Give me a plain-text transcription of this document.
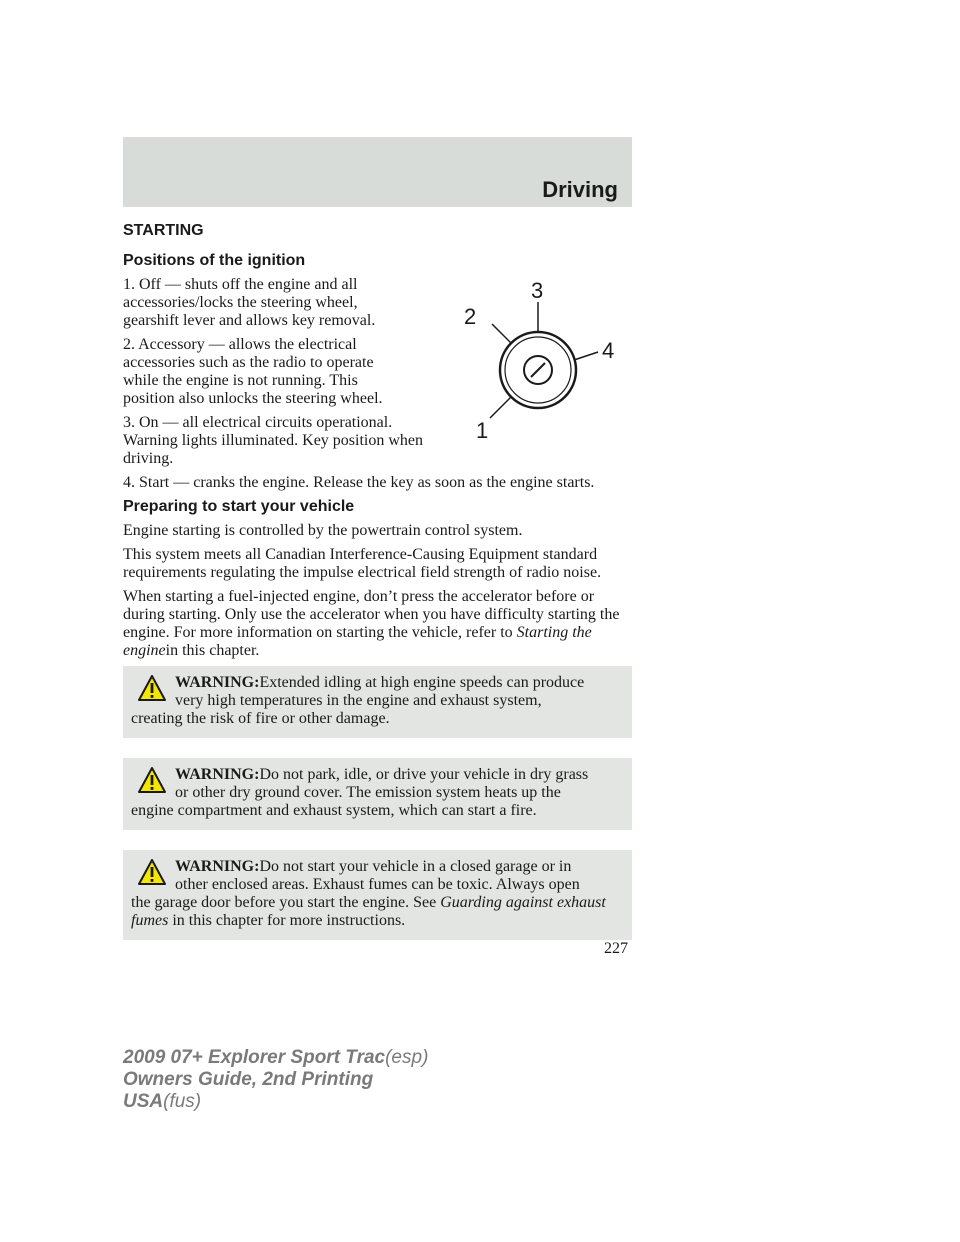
Driving
STARTING
Positions of the ignition
1
2
3
4

1. Off — shuts off the engine and all accessories/locks the steering wheel, gearshift lever and allows key removal.

2. Accessory — allows the electrical accessories such as the radio to operate while the engine is not running. This position also unlocks the steering wheel.

3. On — all electrical circuits operational. Warning lights illuminated. Key position when driving.

4. Start — cranks the engine. Release the key as soon as the engine starts.

Preparing to start your vehicle

Engine starting is controlled by the powertrain control system.

This system meets all Canadian Interference-Causing Equipment standard requirements regulating the impulse electrical field strength of radio noise.

When starting a fuel-injected engine, don’t press the accelerator before or during starting. Only use the accelerator when you have difficulty starting the engine. For more information on starting the vehicle, refer to Starting the enginein this chapter.

WARNING:Extended idling at high engine speeds can produce
very high temperatures in the engine and exhaust system,
creating the risk of fire or other damage.
WARNING:Do not park, idle, or drive your vehicle in dry grass
or other dry ground cover. The emission system heats up the
engine compartment and exhaust system, which can start a fire.
WARNING:Do not start your vehicle in a closed garage or in
other enclosed areas. Exhaust fumes can be toxic. Always open
the garage door before you start the engine. See Guarding against exhaust fumes in this chapter for more instructions.
227
2009 07+ Explorer Sport Trac(esp)
Owners Guide, 2nd Printing
USA(fus)
